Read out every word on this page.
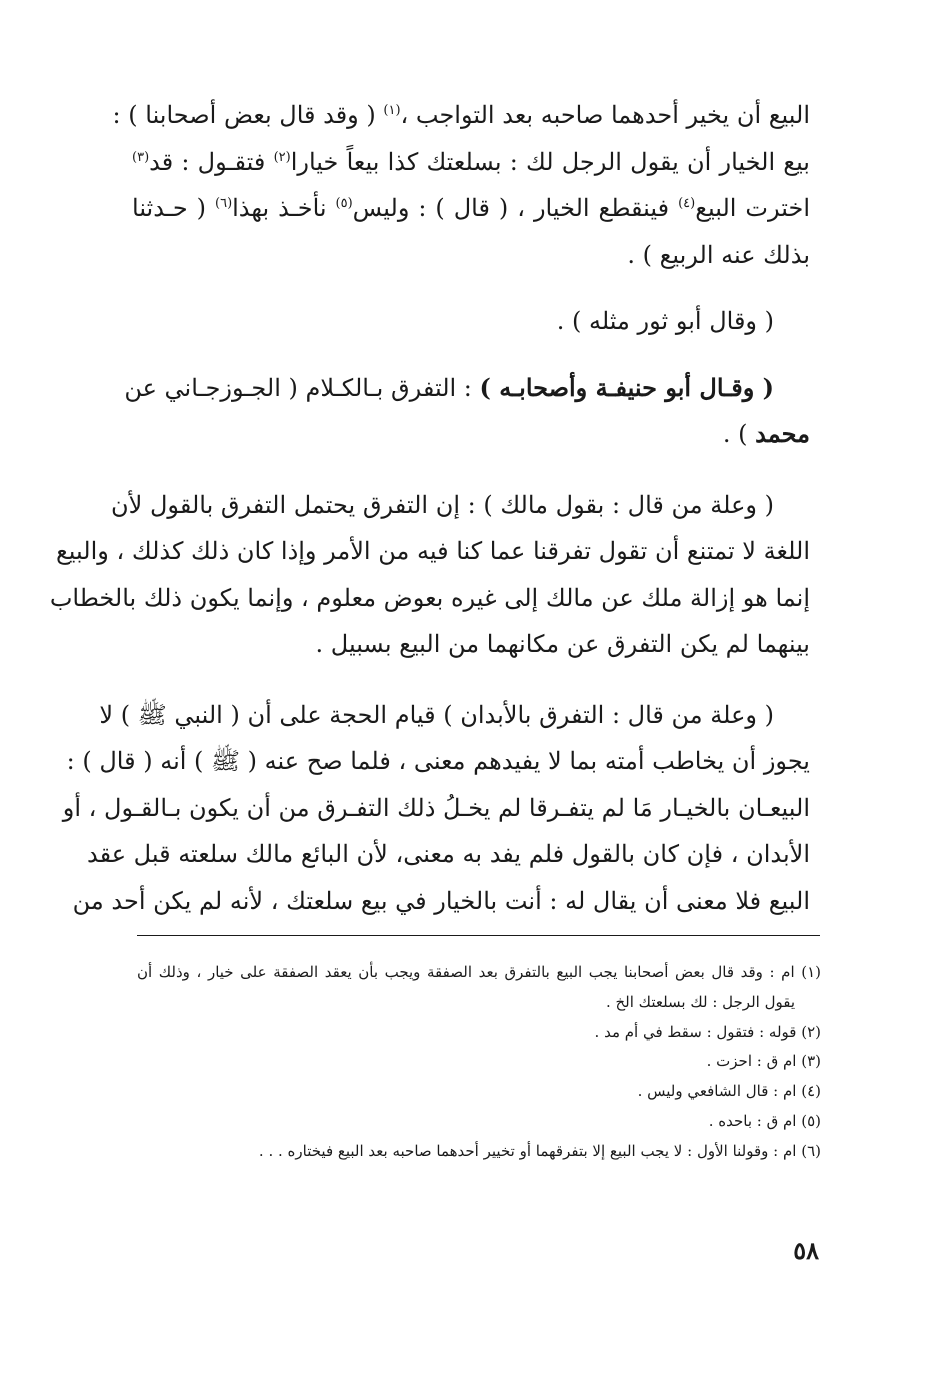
البيع أن يخير أحدهما صاحبه بعد التواجب ،$^{(١)}$ ( وقد قال بعض أصحابنا ) :
بيع الخيار أن يقول الرجل لك : بسلعتك كذا بيعاً خيارا$^{(٢)}$ فتقـول : قد$^{(٣)}$
اخترت البيع$^{(٤)}$ فينقطع الخيار ، ( قال ) : وليس$^{(٥)}$ نأخـذ بهذا$^{(٦)}$ ( حـدثنا
بذلك عنه الربيع ) .
( وقال أبو ثور مثله ) .
( وقـال أبو حنيفـة وأصحابـه ) : التفرق بـالكـلام ( الجـوزجـاني عن
محمد ) .
( وعلة من قال : بقول مالك ) : إن التفرق يحتمل التفرق بالقول لأن
اللغة لا تمتنع أن تقول تفرقنا عما كنا فيه من الأمر وإذا كان ذلك كذلك ، والبيع
إنما هو إزالة ملك عن مالك إلى غيره بعوض معلوم ، وإنما يكون ذلك بالخطاب
بينهما لم يكن التفرق عن مكانهما من البيع بسبيل .
( وعلة من قال : التفرق بالأبدان ) قيام الحجة على أن ( النبي ﷺ ) لا
يجوز أن يخاطب أمته بما لا يفيدهم معنى ، فلما صح عنه ( ﷺ ) أنه ( قال ) :
البيعـان بالخيـار مَا لم يتفـرقا لم يخـلُ ذلك التفـرق من أن يكون بـالقـول ، أو
الأبدان ، فإن كان بالقول فلم يفد به معنى، لأن البائع مالك سلعته قبل عقد
البيع فلا معنى أن يقال له : أنت بالخيار في بيع سلعتك ، لأنه لم يكن أحد من
(١) ام : وقد قال بعض أصحابنا يجب البيع بالتفرق بعد الصفقة ويجب بأن يعقد الصفقة على خيار ، وذلك أن
يقول الرجل : لك بسلعتك الخ .
(٢) قوله : فتقول : سقط في أم مد .
(٣) ام ق : احزت .
(٤) ام : قال الشافعي وليس .
(٥) ام ق : باحده .
(٦) ام : وقولنا الأول : لا يجب البيع إلا بتفرقهما أو تخيير أحدهما صاحبه بعد البيع فيختاره . . .
٥٨
